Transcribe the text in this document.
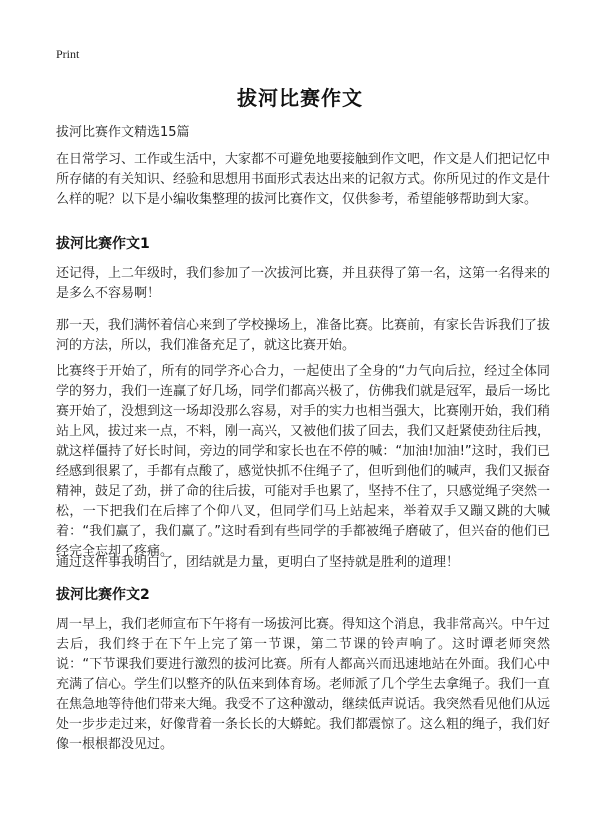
Print
拔河比赛作文

拔河比赛作文精选15篇

在日常学习、工作或生活中，大家都不可避免地要接触到作文吧，作文是人们把记忆中所存储的有关知识、经验和思想用书面形式表达出来的记叙方式。你所见过的作文是什么样的呢？以下是小编收集整理的拔河比赛作文，仅供参考，希望能够帮助到大家。

拔河比赛作文1

还记得，上二年级时，我们参加了一次拔河比赛，并且获得了第一名，这第一名得来的是多么不容易啊！

那一天，我们满怀着信心来到了学校操场上，准备比赛。比赛前，有家长告诉我们了拔河的方法，所以，我们准备充足了，就这比赛开始。

比赛终于开始了，所有的同学齐心合力，一起使出了全身的“力气向后拉，经过全体同学的努力，我们一连赢了好几场，同学们都高兴极了，仿佛我们就是冠军，最后一场比赛开始了，没想到这一场却没那么容易，对手的实力也相当强大，比赛刚开始，我们稍站上风，拔过来一点，不料，刚一高兴，又被他们拔了回去，我们又赶紧使劲往后拽，就这样僵持了好长时间，旁边的同学和家长也在不停的喊：“加油!加油!”这时，我们已经感到很累了，手都有点酸了，感觉快抓不住绳子了，但听到他们的喊声，我们又振奋精神，鼓足了劲，拼了命的往后拔，可能对手也累了，坚持不住了，只感觉绳子突然一松，一下把我们在后摔了个仰八叉，但同学们马上站起来，举着双手又蹦又跳的大喊着：“我们赢了，我们赢了。”这时看到有些同学的手都被绳子磨破了，但兴奋的他们已经完全忘却了疼痛。

通过这件事我明白了，团结就是力量，更明白了坚持就是胜利的道理！

拔河比赛作文2

周一早上，我们老师宣布下午将有一场拔河比赛。得知这个消息，我非常高兴。中午过去后，我们终于在下午上完了第一节课，第二节课的铃声响了。这时谭老师突然说：“下节课我们要进行激烈的拔河比赛。所有人都高兴而迅速地站在外面。我们心中充满了信心。学生们以整齐的队伍来到体育场。老师派了几个学生去拿绳子。我们一直在焦急地等待他们带来大绳。我受不了这种激动，继续低声说话。我突然看见他们从远处一步步走过来，好像背着一条长长的大蟒蛇。我们都震惊了。这么粗的绳子，我们好像一根根都没见过。
